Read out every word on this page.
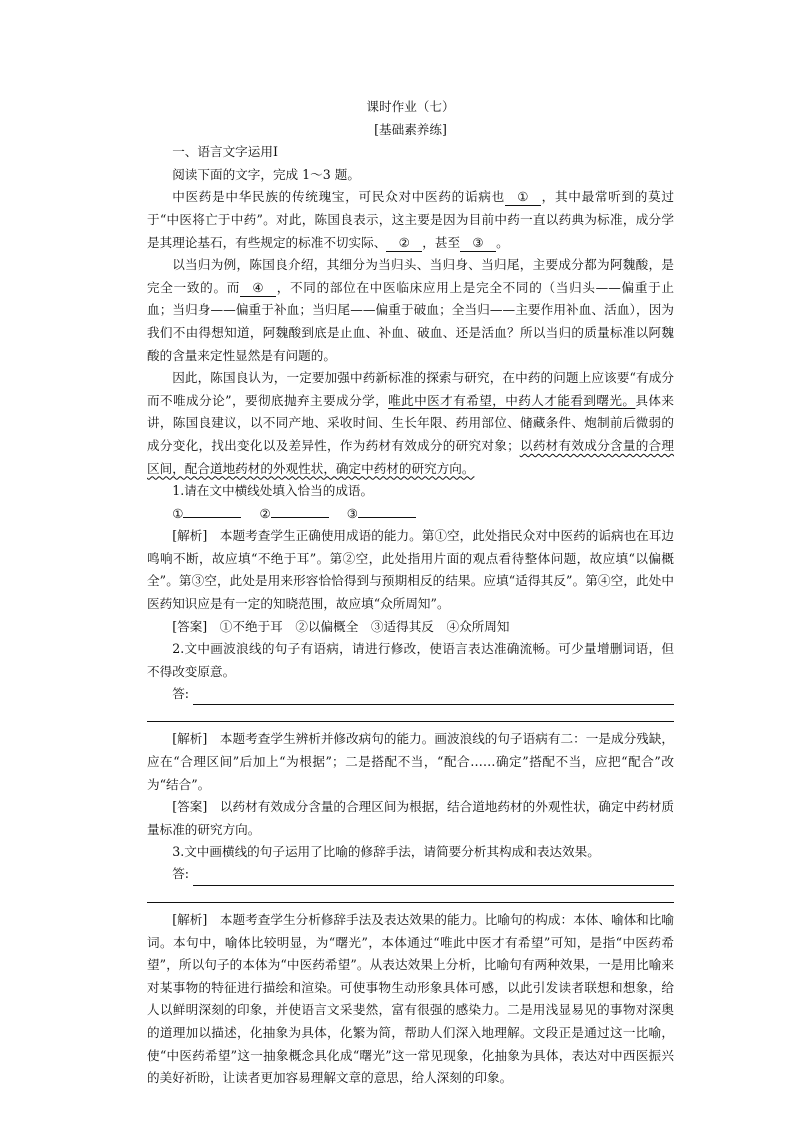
课时作业（七）

[基础素养练]

一、语言文字运用Ⅰ

阅读下面的文字，完成 1～3 题。

中医药是中华民族的传统瑰宝，可民众对中医药的诟病也 ① ，其中最常听到的莫过于“中医将亡于中药”。对此，陈国良表示，这主要是因为目前中药一直以药典为标准，成分学是其理论基石，有些规定的标准不切实际、 ② ，甚至 ③ 。

以当归为例，陈国良介绍，其细分为当归头、当归身、当归尾，主要成分都为阿魏酸，是完全一致的。而 ④ ，不同的部位在中医临床应用上是完全不同的（当归头——偏重于止血；当归身——偏重于补血；当归尾——偏重于破血；全当归——主要作用补血、活血），因为我们不由得想知道，阿魏酸到底是止血、补血、破血、还是活血？所以当归的质量标准以阿魏酸的含量来定性显然是有问题的。

因此，陈国良认为，一定要加强中药新标准的探索与研究，在中药的问题上应该要“有成分而不唯成分论”，要彻底抛弃主要成分学，唯此中医才有希望，中药人才能看到曙光。具体来讲，陈国良建议，以不同产地、采收时间、生长年限、药用部位、储藏条件、炮制前后微弱的成分变化，找出变化以及差异性，作为药材有效成分的研究对象；以药材有效成分含量的合理区间，配合道地药材的外观性状，确定中药材的研究方向。

1.请在文中横线处填入恰当的成语。

①	②	③

[解析]　 本题考查学生正确使用成语的能力。第①空，此处指民众对中医药的诟病也在耳边鸣响不断，故应填“不绝于耳”。第②空，此处指用片面的观点看待整体问题，故应填“以偏概全”。第③空，此处是用来形容恰恰得到与预期相反的结果。应填“适得其反”。第④空，此处中医药知识应是有一定的知晓范围，故应填“众所周知”。

[答案]　 ①不绝于耳　②以偏概全　③适得其反　④众所周知

2.文中画波浪线的句子有语病，请进行修改，使语言表达准确流畅。可少量增删词语，但不得改变原意。

答:

[解析]　 本题考查学生辨析并修改病句的能力。画波浪线的句子语病有二：一是成分残缺，应在“合理区间”后加上“为根据”；二是搭配不当，“配合……确定”搭配不当，应把“配合”改为“结合”。

[答案]　 以药材有效成分含量的合理区间为根据，结合道地药材的外观性状，确定中药材质量标准的研究方向。

3.文中画横线的句子运用了比喻的修辞手法，请简要分析其构成和表达效果。

答:

[解析]　 本题考查学生分析修辞手法及表达效果的能力。比喻句的构成：本体、喻体和比喻词。本句中，喻体比较明显，为“曙光”，本体通过“唯此中医才有希望”可知，是指“中医药希望”，所以句子的本体为“中医药希望”。从表达效果上分析，比喻句有两种效果，一是用比喻来对某事物的特征进行描绘和渲染。可使事物生动形象具体可感，以此引发读者联想和想象，给人以鲜明深刻的印象，并使语言文采斐然，富有很强的感染力。二是用浅显易见的事物对深奥的道理加以描述，化抽象为具体，化繁为简，帮助人们深入地理解。文段正是通过这一比喻，使“中医药希望”这一抽象概念具化成“曙光”这一常见现象，化抽象为具体，表达对中西医振兴的美好祈盼，让读者更加容易理解文章的意思，给人深刻的印象。
